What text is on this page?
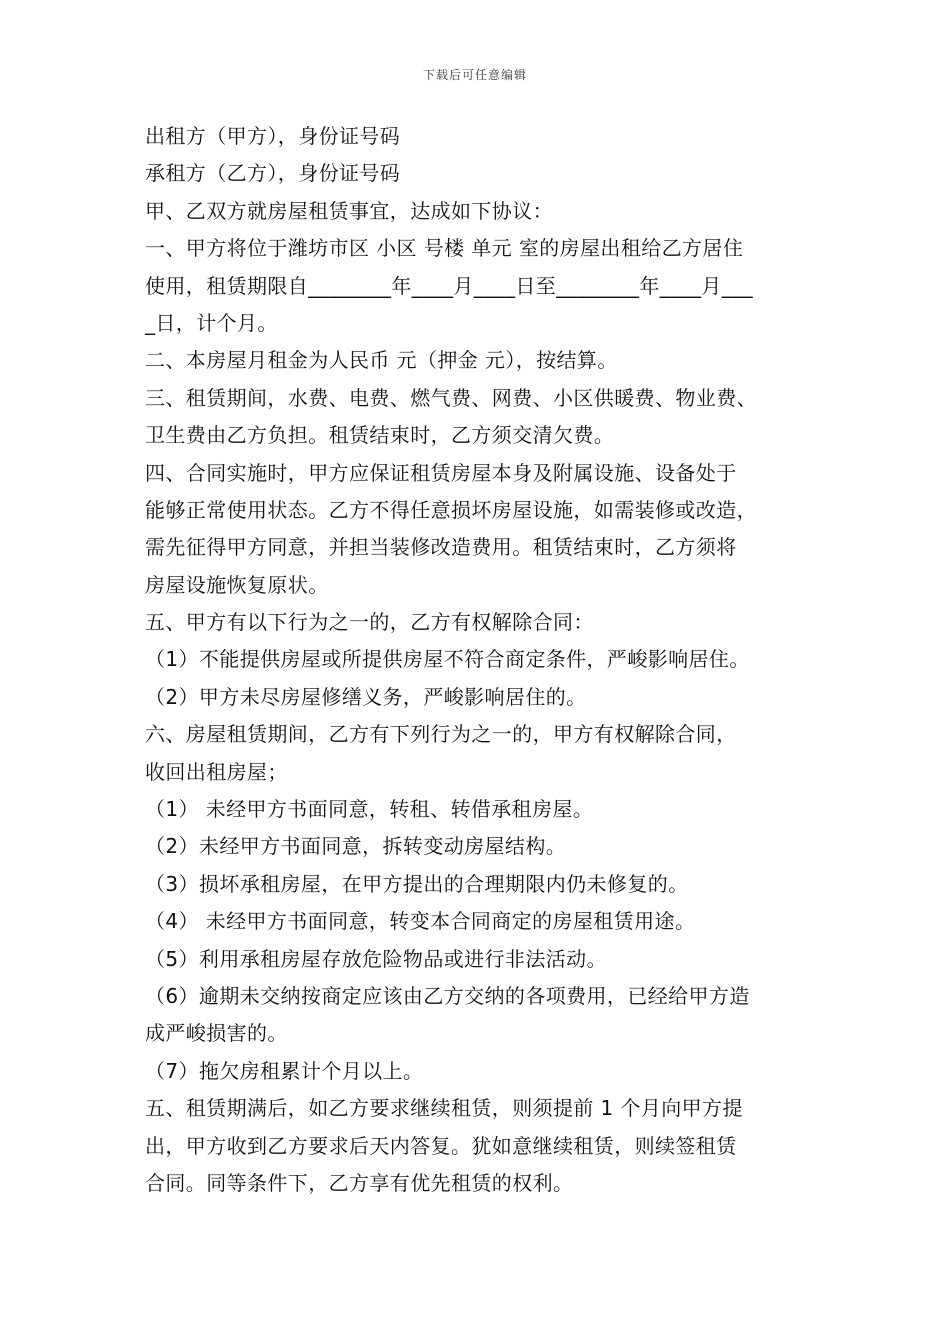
下载后可任意编辑
出租方（甲方），身份证号码
承租方（乙方），身份证号码
甲、乙双方就房屋租赁事宜，达成如下协议：
一、甲方将位于潍坊市区 小区 号楼 单元 室的房屋出租给乙方居住
使用，租赁期限自________年____月____日至________年____月___
_日，计个月。
二、本房屋月租金为人民币 元（押金 元），按结算。
三、租赁期间，水费、电费、燃气费、网费、小区供暖费、物业费、
卫生费由乙方负担。租赁结束时，乙方须交清欠费。
四、合同实施时，甲方应保证租赁房屋本身及附属设施、设备处于
能够正常使用状态。乙方不得任意损坏房屋设施，如需装修或改造，
需先征得甲方同意，并担当装修改造费用。租赁结束时，乙方须将
房屋设施恢复原状。
五、甲方有以下行为之一的，乙方有权解除合同：
（1）不能提供房屋或所提供房屋不符合商定条件，严峻影响居住。
（2）甲方未尽房屋修缮义务，严峻影响居住的。
六、房屋租赁期间，乙方有下列行为之一的，甲方有权解除合同，
收回出租房屋；
（1） 未经甲方书面同意，转租、转借承租房屋。
（2）未经甲方书面同意，拆转变动房屋结构。
（3）损坏承租房屋，在甲方提出的合理期限内仍未修复的。
（4） 未经甲方书面同意，转变本合同商定的房屋租赁用途。
（5）利用承租房屋存放危险物品或进行非法活动。
（6）逾期未交纳按商定应该由乙方交纳的各项费用，已经给甲方造
成严峻损害的。
（7）拖欠房租累计个月以上。
五、租赁期满后，如乙方要求继续租赁，则须提前 1 个月向甲方提
出，甲方收到乙方要求后天内答复。犹如意继续租赁，则续签租赁
合同。同等条件下，乙方享有优先租赁的权利。
